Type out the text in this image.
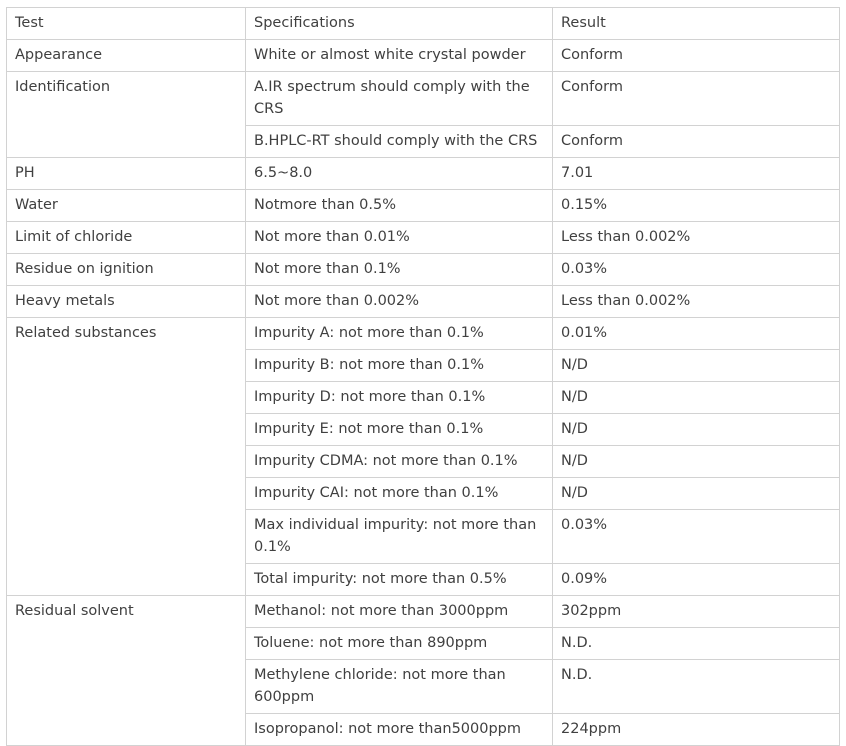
Test	Specifications	Result
Appearance	White or almost white crystal powder	Conform
Identification	A.IR spectrum should comply with the CRS	Conform
	B.HPLC-RT should comply with the CRS	Conform
PH	6.5~8.0	7.01
Water	Notmore than 0.5%	0.15%
Limit of chloride	Not more than 0.01%	Less than 0.002%
Residue on ignition	Not more than 0.1%	0.03%
Heavy metals	Not more than 0.002%	Less than 0.002%
Related substances	Impurity A: not more than 0.1%	0.01%
	Impurity B: not more than 0.1%	N/D
	Impurity D: not more than 0.1%	N/D
	Impurity E: not more than 0.1%	N/D
	Impurity CDMA: not more than 0.1%	N/D
	Impurity CAI: not more than 0.1%	N/D
	Max individual impurity: not more than 0.1%	0.03%
	Total impurity: not more than 0.5%	0.09%
Residual solvent	Methanol: not more than 3000ppm	302ppm
	Toluene: not more than 890ppm	N.D.
	Methylene chloride: not more than 600ppm	N.D.
	Isopropanol: not more than5000ppm	224ppm
